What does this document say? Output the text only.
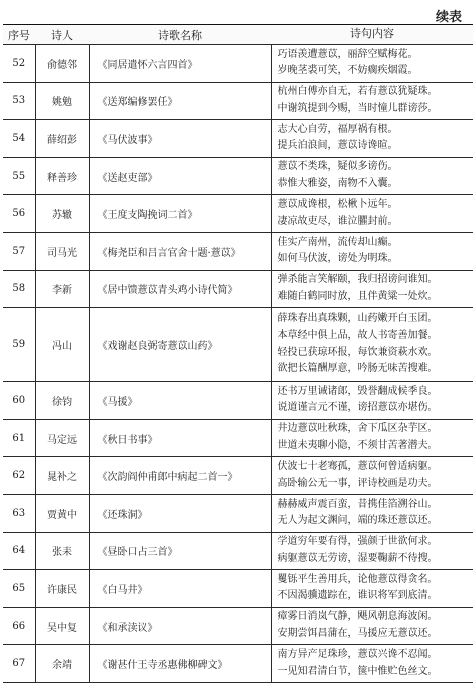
续表
序号	诗人	诗歌名称	诗句内容
52	俞德邻	《同居遣怀六言四首》	巧语羡遭薏苡，丽辞空赋梅花。
岁晚茎裘可笑，不妨瘸疾烟霞。

53	姚勉	《送郑编修罢任》	杭州白傅亦自无，若有薏苡犹疑珠。
中谢筑提到今赐，当时憧儿群谤莎。

54	薛绍彭	《马伏波事》	志大心自劳，福厚祸有根。
提兵泊浪间，薏苡诗谗暄。

55	释善珍	《送赵吏部》	薏苡不类珠，疑似多谤伤。
恭惟大雅姿，南物不入囊。

56	苏辙	《王度支陶挽词二首》	薏苡成谗根，松楸卜远年。
凄凉故吏尽，谁泣臞封前。

57	司马光	《梅尧臣和吕言官舍十题·薏苡》	佳实产南州，流传却山癫。
如何马伏波，谤处为明珠。

58	李新	《居中馈薏苡青头鸡小诗代简》	弹杀能言笑解颐，我归招谤问谁知。
难随白鹤同时放，且伴黄粱一处炊。

59	冯山	《戏谢赵良弼寄薏苡山药》	薛珠春出真珠颗，山药嫩开白玉团。
本草经中俱上品，故人书寄善加餐。
轻投已获琼环报，每饮兼资萩水欢。
欲把长篇酬厚意，吟肠无味苦搜难。

60	徐钧	《马援》	还书万里诫诸郎，毁誉翻成候季良。
说道谨言元不谨，谤招薏苡亦堪伤。

61	马定远	《秋日书事》	井边薏苡吐秋珠，舍下瓜区杂芋区。
世道未夷聊小隐，不须甘苦著潜夫。

62	晁补之	《次韵阎仲甫郎中病起二首一》	伏波七十老骞孤，薏苡何曾适病躯。
高卧输公无一事，评诗校画是功夫。

63	贾黄中	《还珠洞》	赫赫威声震百蛮，昔携佳箔溯谷山。
无人为起文渊问，端的珠还薏苡还。

64	张耒	《昼卧口占三首》	学道穷年要有得，强颜于世欲何求。
病躯薏苡无劳谤，湿要鞠薪不待搜。

65	许康民	《白马井》	矍铄平生善用兵，论他薏苡得贪名。
不因渴骥遗踪在，谁识将军到底清。

66	吴中复	《和承渎议》	瘴雾日消岚气静，飓风朝息海波闲。
安期尝饵昌蒲在，马援应无薏苡还。

67	余靖	《谢甚什王寺丞惠佛柳碑文》	南方异产足珠珍，薏苡兴谗不忍闻。
一见知君清白节，箧中惟贮色丝文。
